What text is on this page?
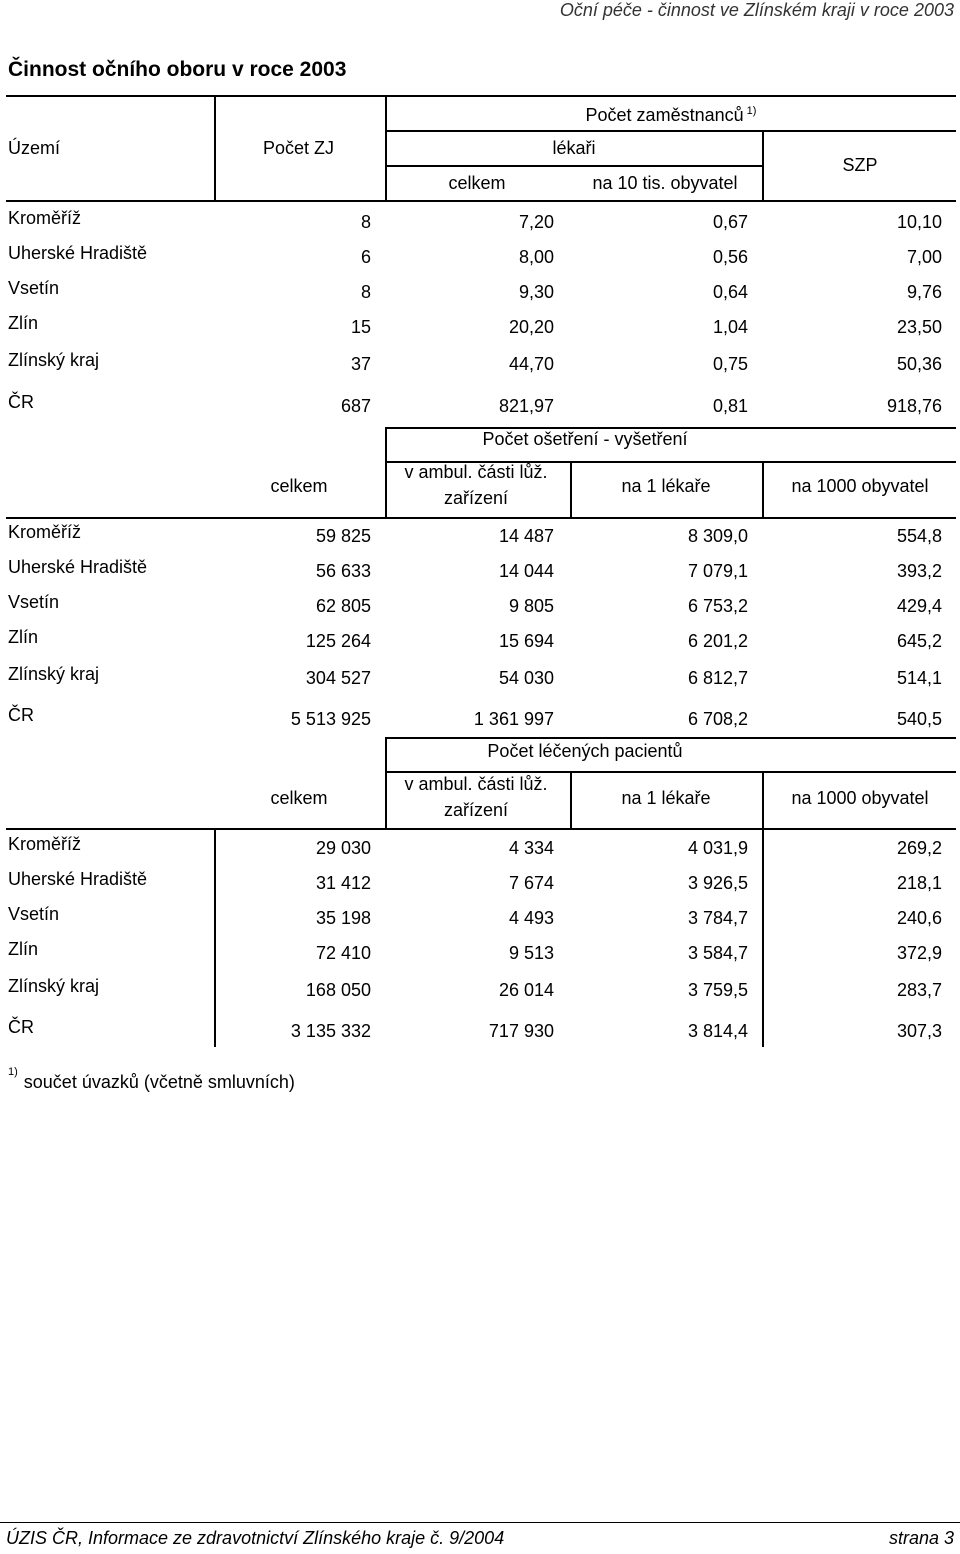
Oční péče - činnost ve Zlínském kraji v roce 2003
Činnost očního oboru v roce 2003
Území	Počet ZJ
Počet zaměstnanců $^{1)}$
lékaři
celkem	na 10 tis. obyvatel
SZP
Kroměříž	8	7,20	0,67	10,10
Uherské Hradiště	6	8,00	0,56	7,00
Vsetín	8	9,30	0,64	9,76
Zlín	15	20,20	1,04	23,50
Zlínský kraj	37	44,70	0,75	50,36
ČR	687	821,97	0,81	918,76
Počet ošetření - vyšetření
celkem
v ambul. části lůž.
zařízení
na 1 lékaře	na 1000 obyvatel
Kroměříž	59 825	14 487	8 309,0	554,8
Uherské Hradiště	56 633	14 044	7 079,1	393,2
Vsetín	62 805	9 805	6 753,2	429,4
Zlín	125 264	15 694	6 201,2	645,2
Zlínský kraj	304 527	54 030	6 812,7	514,1
ČR	5 513 925	1 361 997	6 708,2	540,5
Počet léčených pacientů
celkem
v ambul. části lůž.
zařízení
na 1 lékaře	na 1000 obyvatel
Kroměříž	29 030	4 334	4 031,9	269,2
Uherské Hradiště	31 412	7 674	3 926,5	218,1
Vsetín	35 198	4 493	3 784,7	240,6
Zlín	72 410	9 513	3 584,7	372,9
Zlínský kraj	168 050	26 014	3 759,5	283,7
ČR	3 135 332	717 930	3 814,4	307,3
$^{1)}$ součet úvazků (včetně smluvních)
ÚZIS ČR, Informace ze zdravotnictví Zlínského kraje č. 9/2004	strana 3
